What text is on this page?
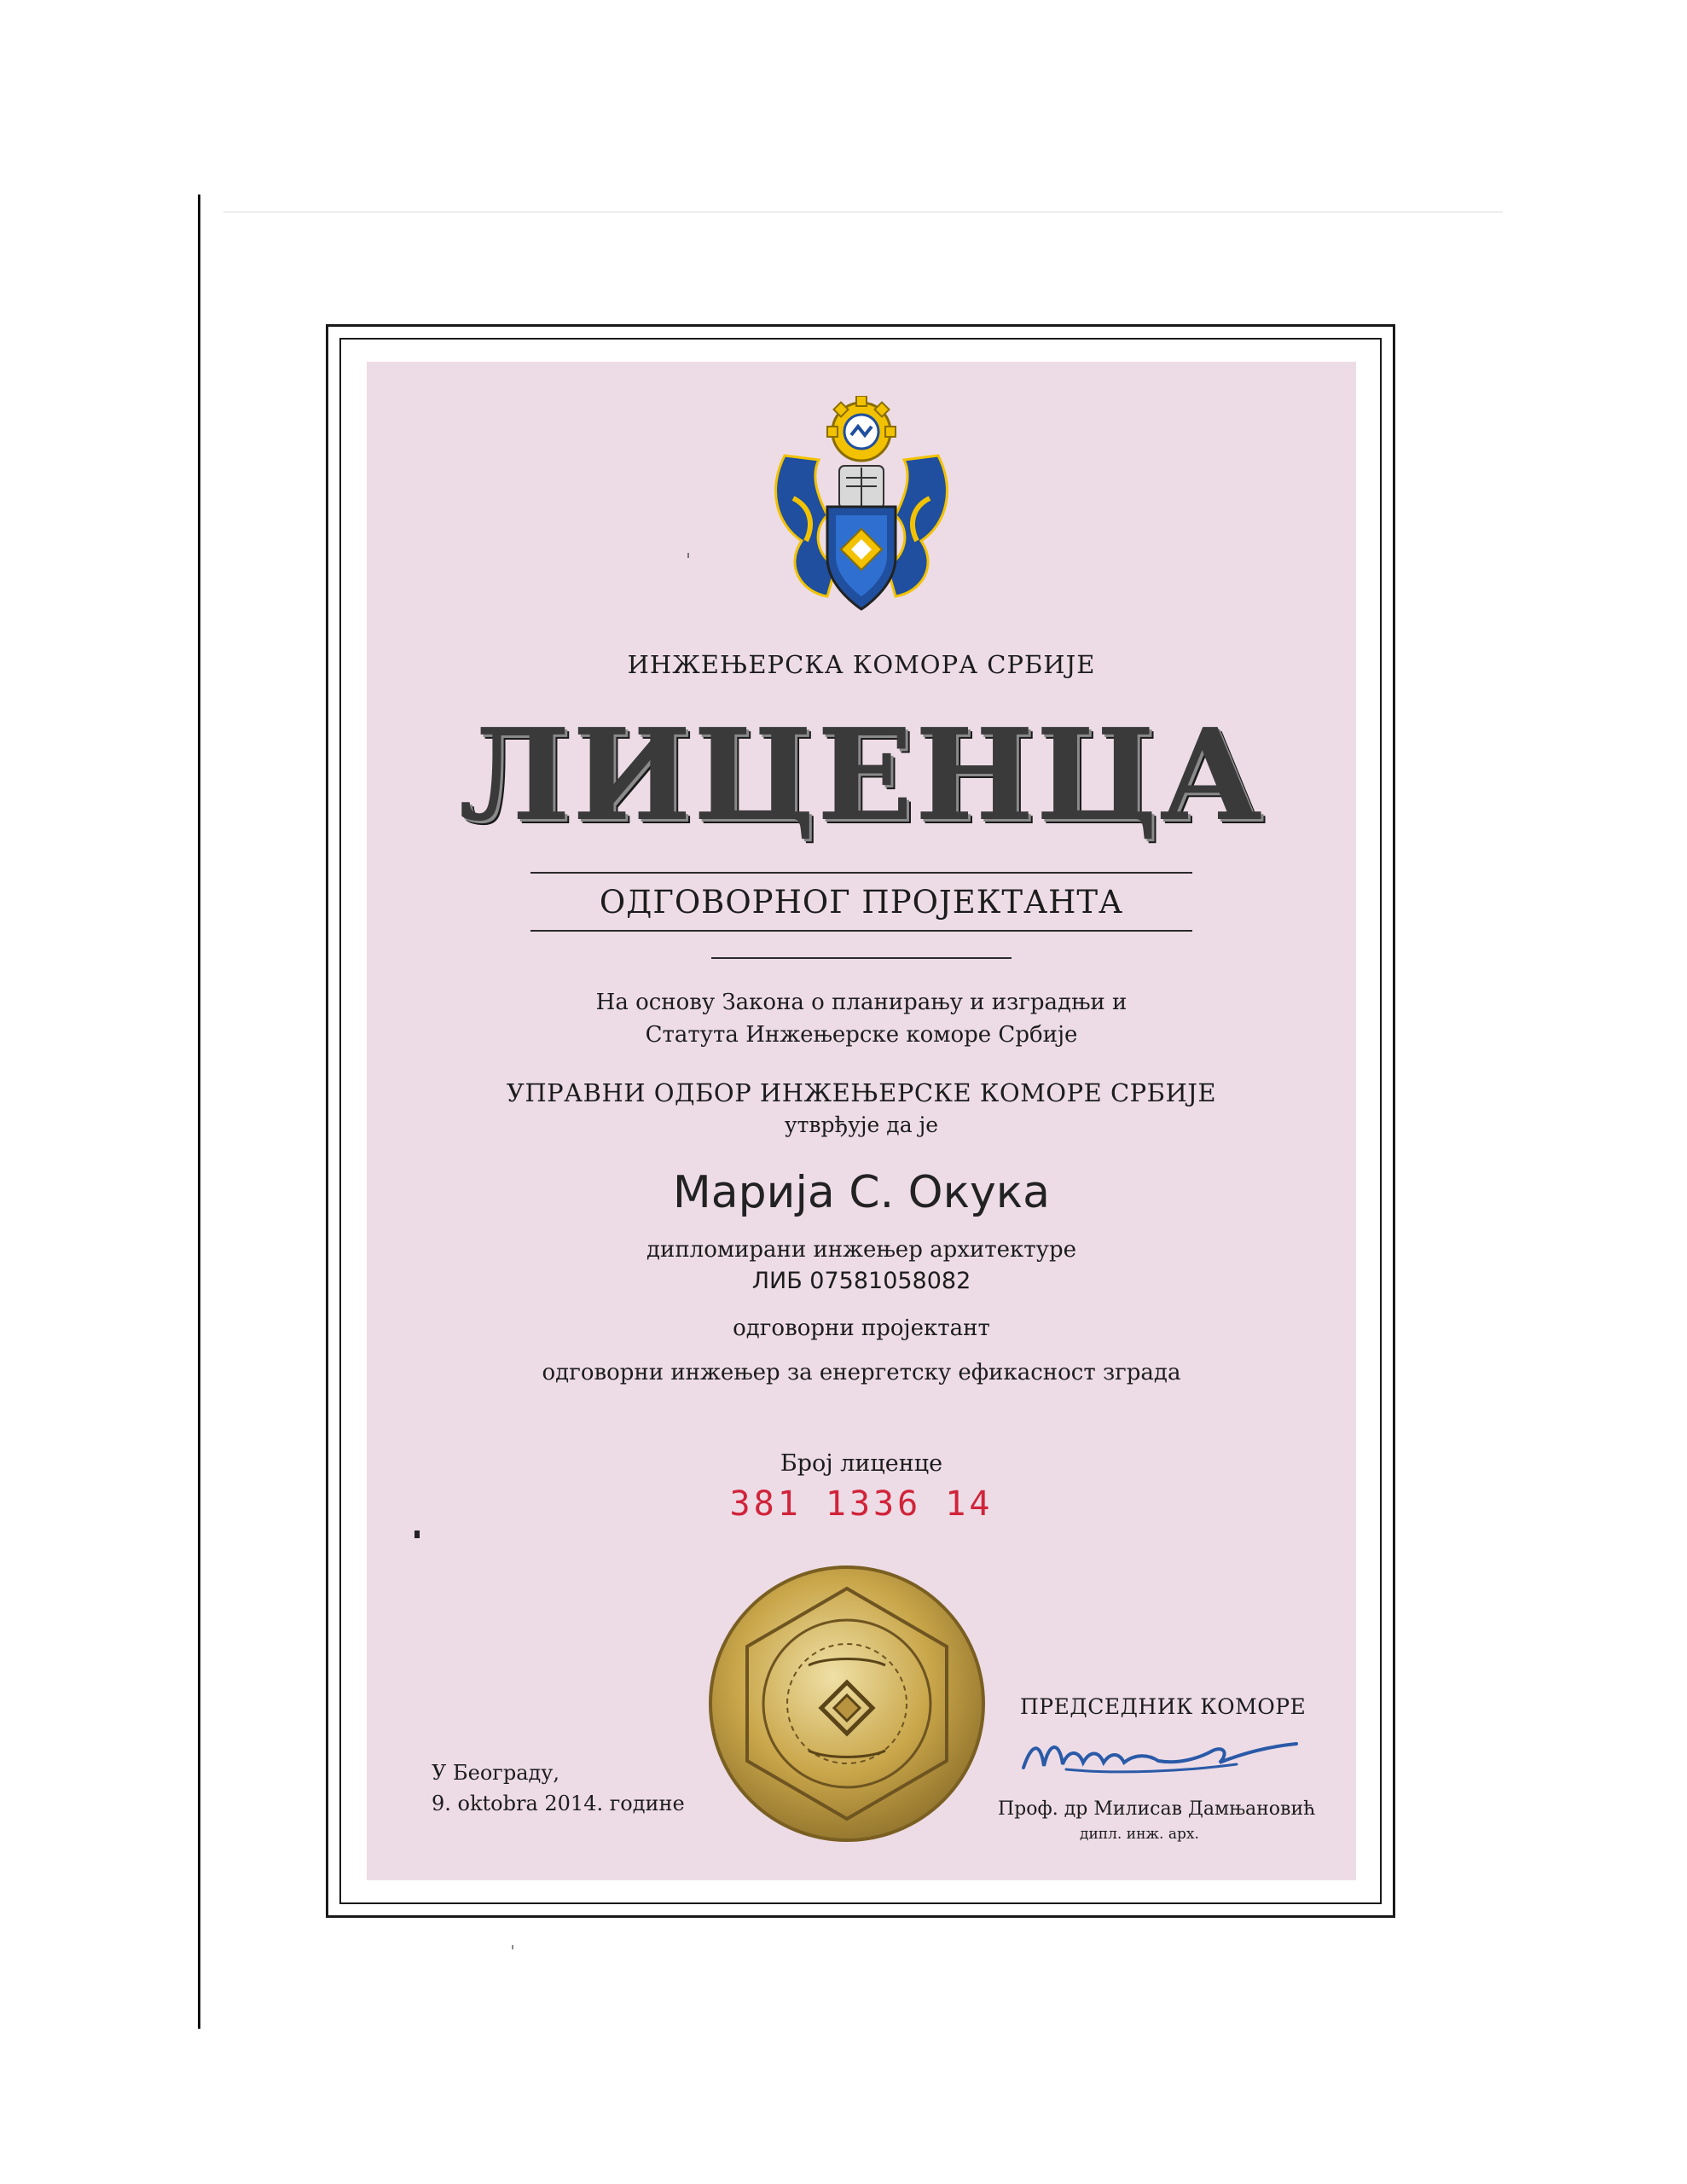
ИНЖЕЊЕРСКА КОМОРА СРБИЈЕ
ЛИЦЕНЦА
ОДГОВОРНОГ ПРОЈЕКТАНТА
На основу Закона о планирању и изградњи и
Статута Инжењерске коморе Србије
УПРАВНИ ОДБОР ИНЖЕЊЕРСКЕ КОМОРЕ СРБИЈЕ
утврђује да је
Марија С. Окука
дипломирани инжењер архитектуре
ЛИБ 07581058082
одговорни пројектант
одговорни инжењер за енергетску ефикасност зграда
Број лиценце
381 1336 14
У Београду,
9. oktobra 2014. године
ПРЕДСЕДНИК КОМОРЕ
Проф. др Милисав Дамњановић
дипл. инж. арх.
